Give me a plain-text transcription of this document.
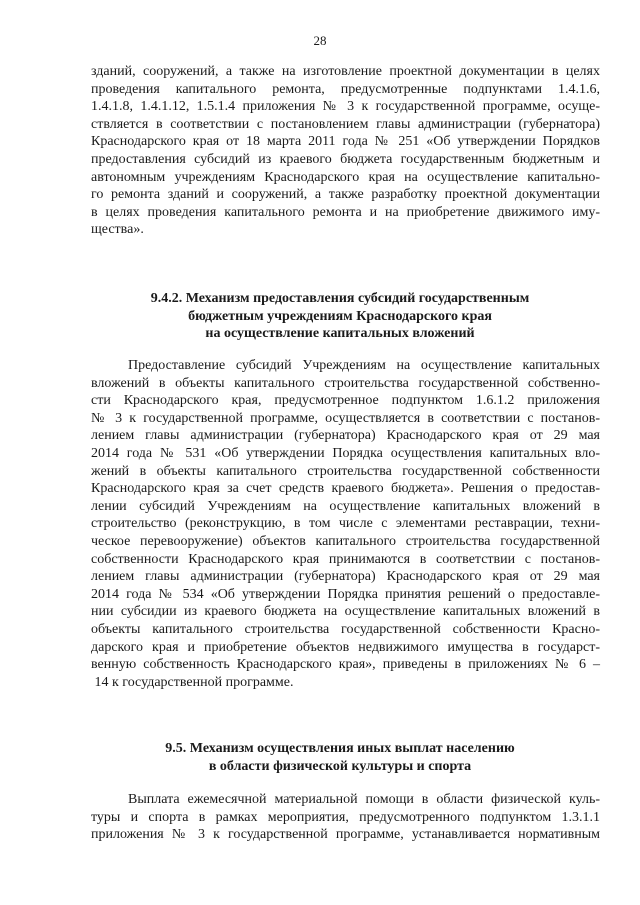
28
зданий, сооружений, а также на изготовление проектной документации в целях
проведения капитального ремонта, предусмотренные подпунктами 1.4.1.6,
1.4.1.8, 1.4.1.12, 1.5.1.4 приложения № 3 к государственной программе, осуще-
ствляется в соответствии с постановлением главы администрации (губернатора)
Краснодарского края от 18 марта 2011 года № 251 «Об утверждении Порядков
предоставления субсидий из краевого бюджета государственным бюджетным и
автономным учреждениям Краснодарского края на осуществление капитально-
го ремонта зданий и сооружений, а также разработку проектной документации
в целях проведения капитального ремонта и на приобретение движимого иму-
щества».
9.4.2. Механизм предоставления субсидий государственным
бюджетным учреждениям Краснодарского края
на осуществление капитальных вложений
Предоставление субсидий Учреждениям на осуществление капитальных
вложений в объекты капитального строительства государственной собственно-
сти Краснодарского края, предусмотренное подпунктом 1.6.1.2 приложения
№ 3 к государственной программе, осуществляется в соответствии с постанов-
лением главы администрации (губернатора) Краснодарского края от 29 мая
2014 года № 531 «Об утверждении Порядка осуществления капитальных вло-
жений в объекты капитального строительства государственной собственности
Краснодарского края за счет средств краевого бюджета». Решения о предостав-
лении субсидий Учреждениям на осуществление капитальных вложений в
строительство (реконструкцию, в том числе с элементами реставрации, техни-
ческое перевооружение) объектов капитального строительства государственной
собственности Краснодарского края принимаются в соответствии с постанов-
лением главы администрации (губернатора) Краснодарского края от 29 мая
2014 года № 534 «Об утверждении Порядка принятия решений о предоставле-
нии субсидии из краевого бюджета на осуществление капитальных вложений в
объекты капитального строительства государственной собственности Красно-
дарского края и приобретение объектов недвижимого имущества в государст-
венную собственность Краснодарского края», приведены в приложениях № 6 –
14 к государственной программе.
9.5. Механизм осуществления иных выплат населению
в области физической культуры и спорта
Выплата ежемесячной материальной помощи в области физической куль-
туры и спорта в рамках мероприятия, предусмотренного подпунктом 1.3.1.1
приложения № 3 к государственной программе, устанавливается нормативным
